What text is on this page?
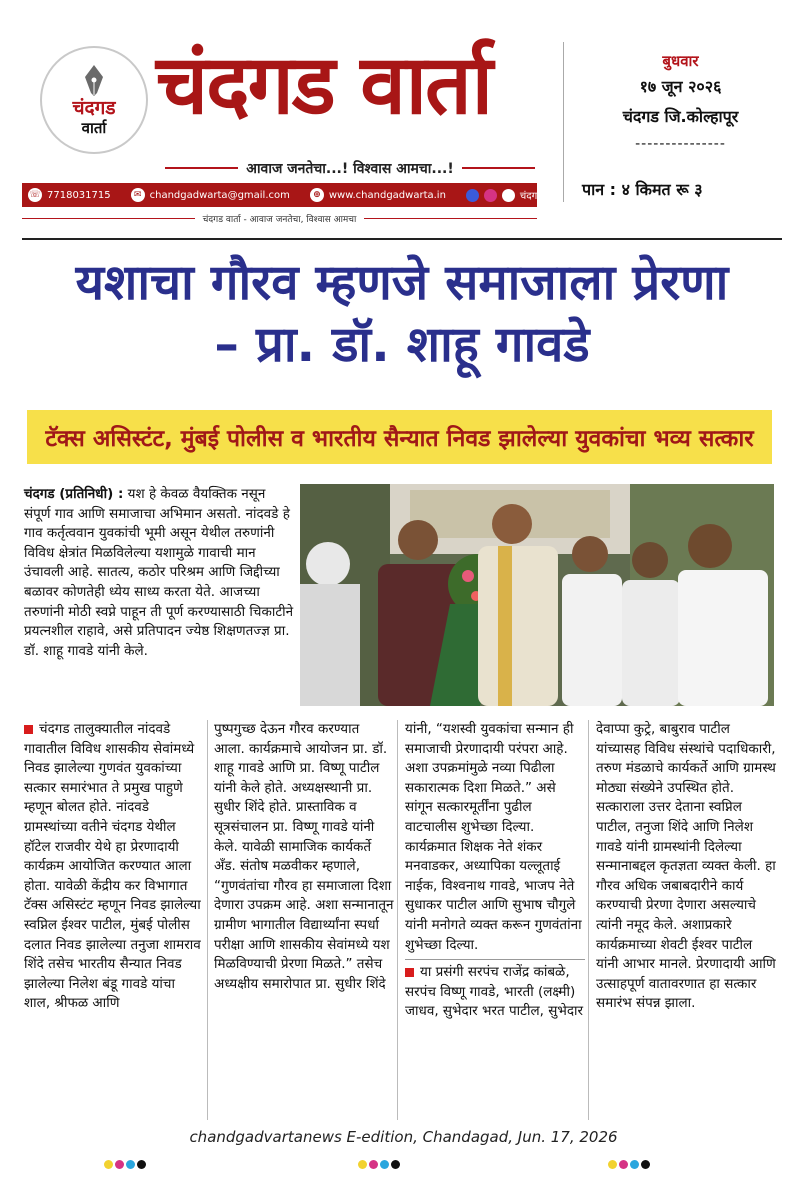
चंदगड
वार्ता चंदगड वार्ता
आवाज जनतेचा...! विश्वास आमचा...!
☏ 7718031715	✉ chandgadwarta@gmail.com	⊕ www.chandgadwarta.in	चंदगड वार्ता
चंदगड वार्ता - आवाज जनतेचा, विश्वास आमचा
बुधवार
१७ जून २०२६
चंदगड जि.कोल्हापूर
---------------
पान : ४ किमत रू ३
यशाचा गौरव म्हणजे समाजाला प्रेरणा
– प्रा. डॉ. शाहू गावडे
टॅक्स असिस्टंट, मुंबई पोलीस व भारतीय सैन्यात निवड झालेल्या युवकांचा भव्य सत्कार
चंदगड (प्रतिनिधी) : यश हे केवळ वैयक्तिक नसून संपूर्ण गाव आणि समाजाचा अभिमान असतो. नांदवडे हे गाव कर्तृत्ववान युवकांची भूमी असून येथील तरुणांनी विविध क्षेत्रांत मिळविलेल्या यशामुळे गावाची मान उंचावली आहे. सातत्य, कठोर परिश्रम आणि जिद्दीच्या बळावर कोणतेही ध्येय साध्य करता येते. आजच्या तरुणांनी मोठी स्वप्ने पाहून ती पूर्ण करण्यासाठी चिकाटीने प्रयत्नशील राहावे, असे प्रतिपादन ज्येष्ठ शिक्षणतज्ज्ञ प्रा. डॉ. शाहू गावडे यांनी केले.

चंदगड तालुक्यातील नांदवडे गावातील विविध शासकीय सेवांमध्ये निवड झालेल्या गुणवंत युवकांच्या सत्कार समारंभात ते प्रमुख पाहुणे म्हणून बोलत होते. नांदवडे ग्रामस्थांच्या वतीने चंदगड येथील हॉटेल राजवीर येथे हा प्रेरणादायी कार्यक्रम आयोजित करण्यात आला होता. यावेळी केंद्रीय कर विभागात टॅक्स असिस्टंट म्हणून निवड झालेल्या स्वप्निल ईश्वर पाटील, मुंबई पोलीस दलात निवड झालेल्या तनुजा शामराव शिंदे तसेच भारतीय सैन्यात निवड झालेल्या निलेश बंडू गावडे यांचा शाल, श्रीफळ आणि

पुष्पगुच्छ देऊन गौरव करण्यात आला. कार्यक्रमाचे आयोजन प्रा. डॉ. शाहू गावडे आणि प्रा. विष्णू पाटील यांनी केले होते. अध्यक्षस्थानी प्रा. सुधीर शिंदे होते. प्रास्ताविक व सूत्रसंचालन प्रा. विष्णू गावडे यांनी केले. यावेळी सामाजिक कार्यकर्ते अँड. संतोष मळवीकर म्हणाले, “गुणवंतांचा गौरव हा समाजाला दिशा देणारा उपक्रम आहे. अशा सन्मानातून ग्रामीण भागातील विद्यार्थ्यांना स्पर्धा परीक्षा आणि शासकीय सेवांमध्ये यश मिळविण्याची प्रेरणा मिळते.” तसेच अध्यक्षीय समारोपात प्रा. सुधीर शिंदे

यांनी, “यशस्वी युवकांचा सन्मान ही समाजाची प्रेरणादायी परंपरा आहे. अशा उपक्रमांमुळे नव्या पिढीला सकारात्मक दिशा मिळते.” असे सांगून सत्कारमूर्तींना पुढील वाटचालीस शुभेच्छा दिल्या. कार्यक्रमात शिक्षक नेते शंकर मनवाडकर, अध्यापिका यल्लूताई नाईक, विश्वनाथ गावडे, भाजप नेते सुधाकर पाटील आणि सुभाष चौगुले यांनी मनोगते व्यक्त करून गुणवंतांना शुभेच्छा दिल्या.

या प्रसंगी सरपंच राजेंद्र कांबळे, सरपंच विष्णू गावडे, भारती (लक्ष्मी) जाधव, सुभेदार भरत पाटील, सुभेदार

देवाप्पा कुट्रे, बाबुराव पाटील यांच्यासह विविध संस्थांचे पदाधिकारी, तरुण मंडळाचे कार्यकर्ते आणि ग्रामस्थ मोठ्या संख्येने उपस्थित होते. सत्काराला उत्तर देताना स्वप्निल पाटील, तनुजा शिंदे आणि निलेश गावडे यांनी ग्रामस्थांनी दिलेल्या सन्मानाबद्दल कृतज्ञता व्यक्त केली. हा गौरव अधिक जबाबदारीने कार्य करण्याची प्रेरणा देणारा असल्याचे त्यांनी नमूद केले. अशाप्रकारे कार्यक्रमाच्या शेवटी ईश्वर पाटील यांनी आभार मानले. प्रेरणादायी आणि उत्साहपूर्ण वातावरणात हा सत्कार समारंभ संपन्न झाला.

chandgadvartanews E-edition, Chandagad, Jun. 17, 2026
